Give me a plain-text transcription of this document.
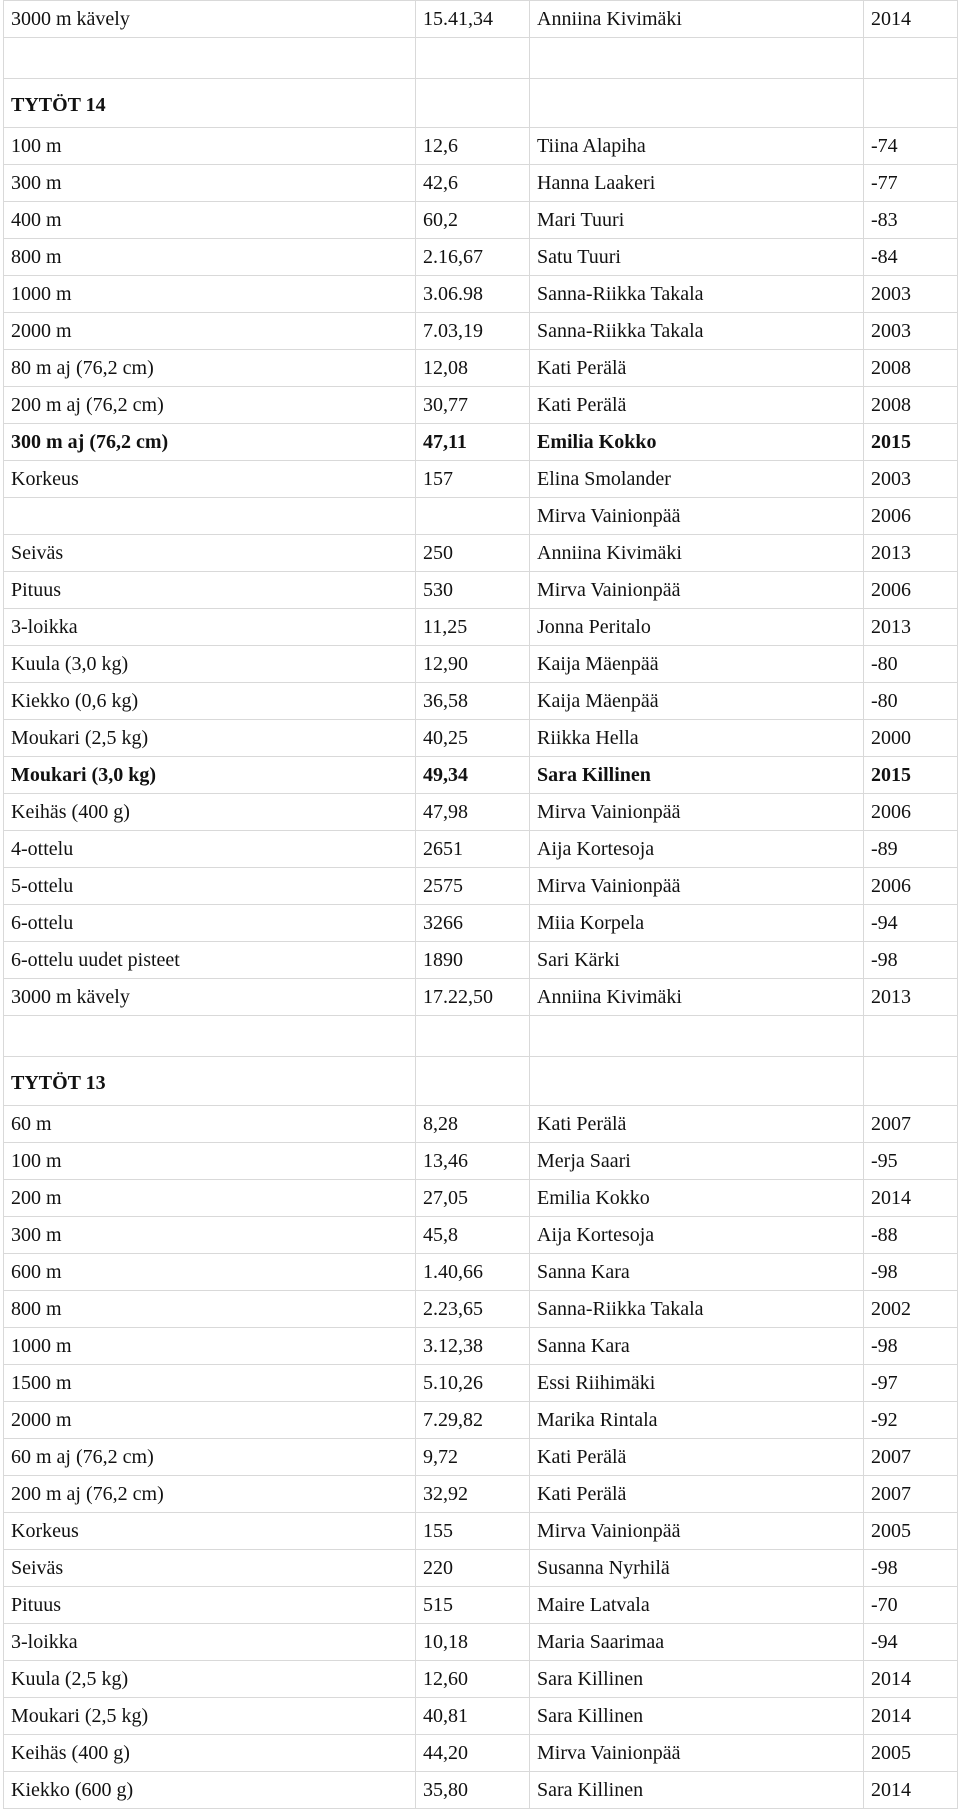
3000 m kävely	15.41,34	Anniina Kivimäki	2014

TYTÖT 14			
100 m	12,6	Tiina Alapiha	-74
300 m	42,6	Hanna Laakeri	-77
400 m	60,2	Mari Tuuri	-83
800 m	2.16,67	Satu Tuuri	-84
1000 m	3.06.98	Sanna-Riikka Takala	2003
2000 m	7.03,19	Sanna-Riikka Takala	2003
80 m aj (76,2 cm)	12,08	Kati Perälä	2008
200 m aj (76,2 cm)	30,77	Kati Perälä	2008
300 m aj (76,2 cm)	47,11	Emilia Kokko	2015
Korkeus	157	Elina Smolander	2003
		Mirva Vainionpää	2006
Seiväs	250	Anniina Kivimäki	2013
Pituus	530	Mirva Vainionpää	2006
3-loikka	11,25	Jonna Peritalo	2013
Kuula (3,0 kg)	12,90	Kaija Mäenpää	-80
Kiekko (0,6 kg)	36,58	Kaija Mäenpää	-80
Moukari (2,5 kg)	40,25	Riikka Hella	2000
Moukari (3,0 kg)	49,34	Sara Killinen	2015
Keihäs (400 g)	47,98	Mirva Vainionpää	2006
4-ottelu	2651	Aija Kortesoja	-89
5-ottelu	2575	Mirva Vainionpää	2006
6-ottelu	3266	Miia Korpela	-94
6-ottelu uudet pisteet	1890	Sari Kärki	-98
3000 m kävely	17.22,50	Anniina Kivimäki	2013

TYTÖT 13			
60 m	8,28	Kati Perälä	2007
100 m	13,46	Merja Saari	-95
200 m	27,05	Emilia Kokko	2014
300 m	45,8	Aija Kortesoja	-88
600 m	1.40,66	Sanna Kara	-98
800 m	2.23,65	Sanna-Riikka Takala	2002
1000 m	3.12,38	Sanna Kara	-98
1500 m	5.10,26	Essi Riihimäki	-97
2000 m	7.29,82	Marika Rintala	-92
60 m aj (76,2 cm)	9,72	Kati Perälä	2007
200 m aj (76,2 cm)	32,92	Kati Perälä	2007
Korkeus	155	Mirva Vainionpää	2005
Seiväs	220	Susanna Nyrhilä	-98
Pituus	515	Maire Latvala	-70
3-loikka	10,18	Maria Saarimaa	-94
Kuula (2,5 kg)	12,60	Sara Killinen	2014
Moukari (2,5 kg)	40,81	Sara Killinen	2014
Keihäs (400 g)	44,20	Mirva Vainionpää	2005
Kiekko (600 g)	35,80	Sara Killinen	2014
